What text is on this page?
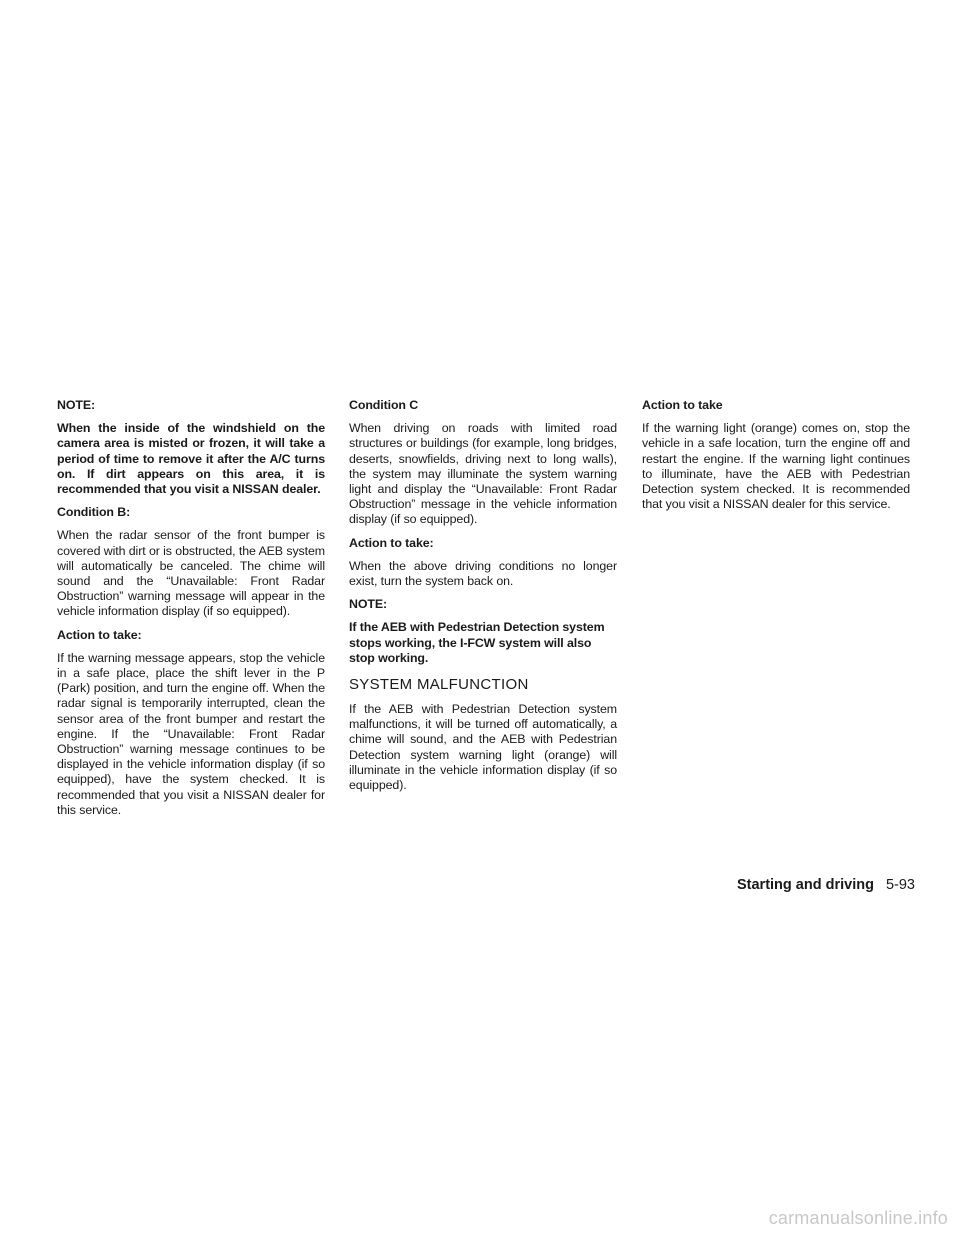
NOTE:

When the inside of the windshield on the camera area is misted or frozen, it will take a period of time to remove it after the A/C turns on. If dirt appears on this area, it is recommended that you visit a NISSAN dealer.

Condition B:

When the radar sensor of the front bumper is covered with dirt or is obstructed, the AEB system will automatically be canceled. The chime will sound and the “Unavailable: Front Radar Obstruction” warning message will appear in the vehicle information display (if so equipped).

Action to take:

If the warning message appears, stop the vehicle in a safe place, place the shift lever in the P (Park) position, and turn the engine off. When the radar signal is temporarily interrupted, clean the sensor area of the front bumper and restart the engine. If the “Unavailable: Front Radar Obstruction” warning message continues to be displayed in the vehicle information display (if so equipped), have the system checked. It is recommended that you visit a NISSAN dealer for this service.

Condition C

When driving on roads with limited road structures or buildings (for example, long bridges, deserts, snowfields, driving next to long walls), the system may illuminate the system warning light and display the “Unavailable: Front Radar Obstruction” message in the vehicle information display (if so equipped).

Action to take:

When the above driving conditions no longer exist, turn the system back on.

NOTE:

If the AEB with Pedestrian Detection system stops working, the I-FCW system will also stop working.

SYSTEM MALFUNCTION

If the AEB with Pedestrian Detection system malfunctions, it will be turned off automatically, a chime will sound, and the AEB with Pedestrian Detection system warning light (orange) will illuminate in the vehicle information display (if so equipped).

Action to take

If the warning light (orange) comes on, stop the vehicle in a safe location, turn the engine off and restart the engine. If the warning light continues to illuminate, have the AEB with Pedestrian Detection system checked. It is recommended that you visit a NISSAN dealer for this service.

Starting and driving 5-93
carmanualsonline.info
